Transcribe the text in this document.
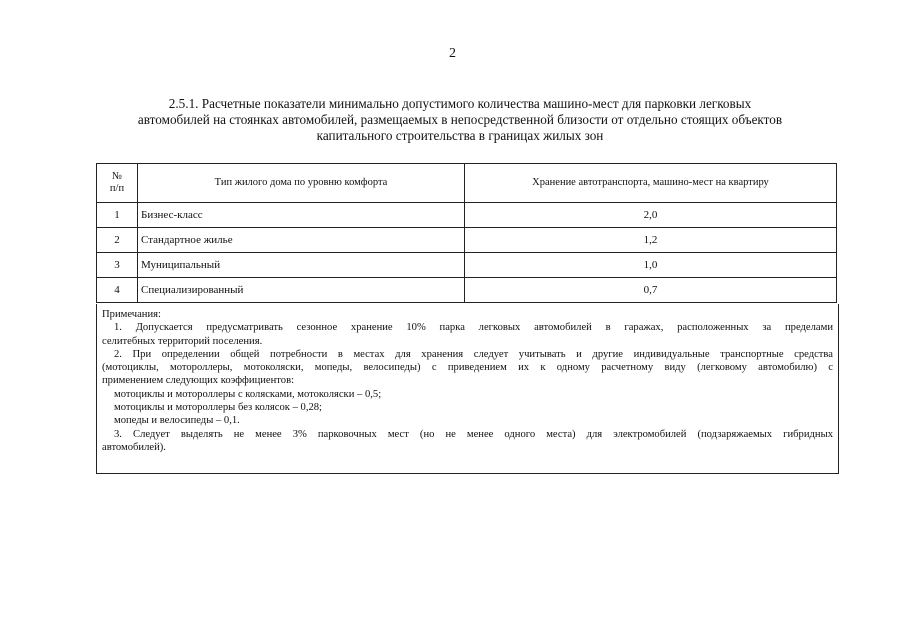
2
2.5.1. Расчетные показатели минимально допустимого количества машино-мест для парковки легковых
автомобилей на стоянках автомобилей, размещаемых в непосредственной близости от отдельно стоящих объектов
капитального строительства в границах жилых зон
№
п/п	Тип жилого дома по уровню комфорта	Хранение автотранспорта, машино-мест на квартиру
1	Бизнес-класс	2,0
2	Стандартное жилье	1,2
3	Муниципальный	1,0
4	Специализированный	0,7
Примечания:
1. Допускается предусматривать сезонное хранение 10% парка легковых автомобилей в гаражах, расположенных за пределами
селитебных территорий поселения.
2. При определении общей потребности в местах для хранения следует учитывать и другие индивидуальные транспортные средства
(мотоциклы, мотороллеры, мотоколяски, мопеды, велосипеды) с приведением их к одному расчетному виду (легковому автомобилю) с
применением следующих коэффициентов:
мотоциклы и мотороллеры с колясками, мотоколяски – 0,5;
мотоциклы и мотороллеры без колясок – 0,28;
мопеды и велосипеды – 0,1.
3. Следует выделять не менее 3% парковочных мест (но не менее одного места) для электромобилей (подзаряжаемых гибридных
автомобилей).
